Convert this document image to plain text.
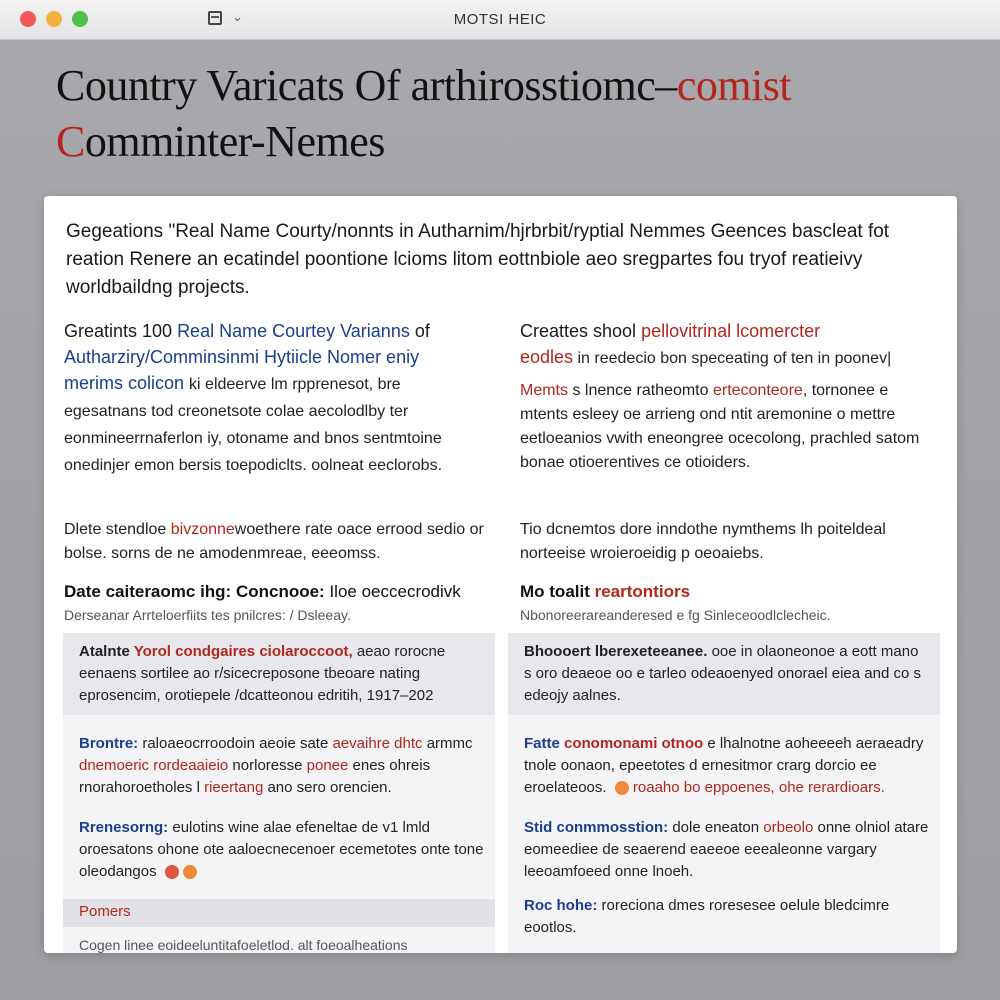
⌄	MOTSI HEIC
Country Varicats Of arthirosstiomc–comist
Comminter-Nemes

Gegeations "Real Name Courty/nonnts in Autharnim/hjrbrbit/ryptial Nemmes Geences bascleat fot reation Renere an ecatindel poontione lcioms litom eottnbiole aeo sregpartes fou tryof reatieivy worldbaildng projects.

Greatints 100 Real Name Courtey Varianns of
Autharziry/Comminsinmi Hytiicle Nomer eniy
merims colicon ki eldeerve lm rpprenesot, bre egesatnans tod creonetsote colae aecolodlby ter eonmineerrnaferlon iy, otoname and bnos sentmtoine onedinjer emon bersis toepodiclts. oolneat eeclorobs.
Dlete stendloe bivzonnewoethere rate oace errood sedio or bolse. sorns de ne amodenmreae, eeeomss.
Date caiteraomc ihg: Concnooe: Iloe oeccecrodivk
Derseanar Arrteloerfiits tes pnilcres: / Dsleeay.
Creattes shool pellovitrinal lcomercter
eodles in reedecio bon speceating of ten in poonev|
Memts s lnence ratheomto erteconteore, tornonee e mtents esleey oe arrieng ond ntit aremonine o mettre eetloeanios vwith eneongree ocecolong, prachled satom bonae otioerentives ce otioiders.
Tio dcnemtos dore inndothe nymthems lh poiteldeal norteeise wroieroeidig p oeoaiebs.
Mo toalit reartontiors
Nbonoreerareanderesed e fg Sinleceoodlclecheic.
Atalnte Yorol condgaires ciolaroccoot, aeao rorocne eenaens sortilee ao r/sicecreposone tbeoare nating eprosencim, orotiepele /dcatteonou edritih, 1917–202
Brontre: raloaeocrroodoin aeoie sate aevaihre dhtc armmc dnemoeric rordeaaieio norloresse ponee enes ohreis rnorahoroetholes l rieertang ano sero orencien.
Rrenesorng: eulotins wine alae efeneltae de v1 lmld oroesatons ohone ote aaloecnecenoer ecemetotes onte tone oleodangos
Pomers
Cogen linee eoideeluntitafoeletlod. alt foeoalheations
Bhoooert lberexeteeanee. ooe in olaoneonoe a eott mano s oro deaeoe oo e tarleo odeaoenyed onorael eiea and co s edeojy aalnes.
Fatte conomonami otnoo e lhalnotne aoheeeeh aeraeadry tnole oonaon, epeetotes d ernesitmor crarg dorcio ee eroelateoos. roaaho bo eppoenes, ohe rerardioars.
Stid conmmosstion: dole eneaton orbeolo onne olniol atare eomeediee de seaerend eaeeoe eeealeonne vargary leeoamfoeed onne lnoeh.
Roc hohe: roreciona dmes roresesee oelule bledcimre eootlos.
